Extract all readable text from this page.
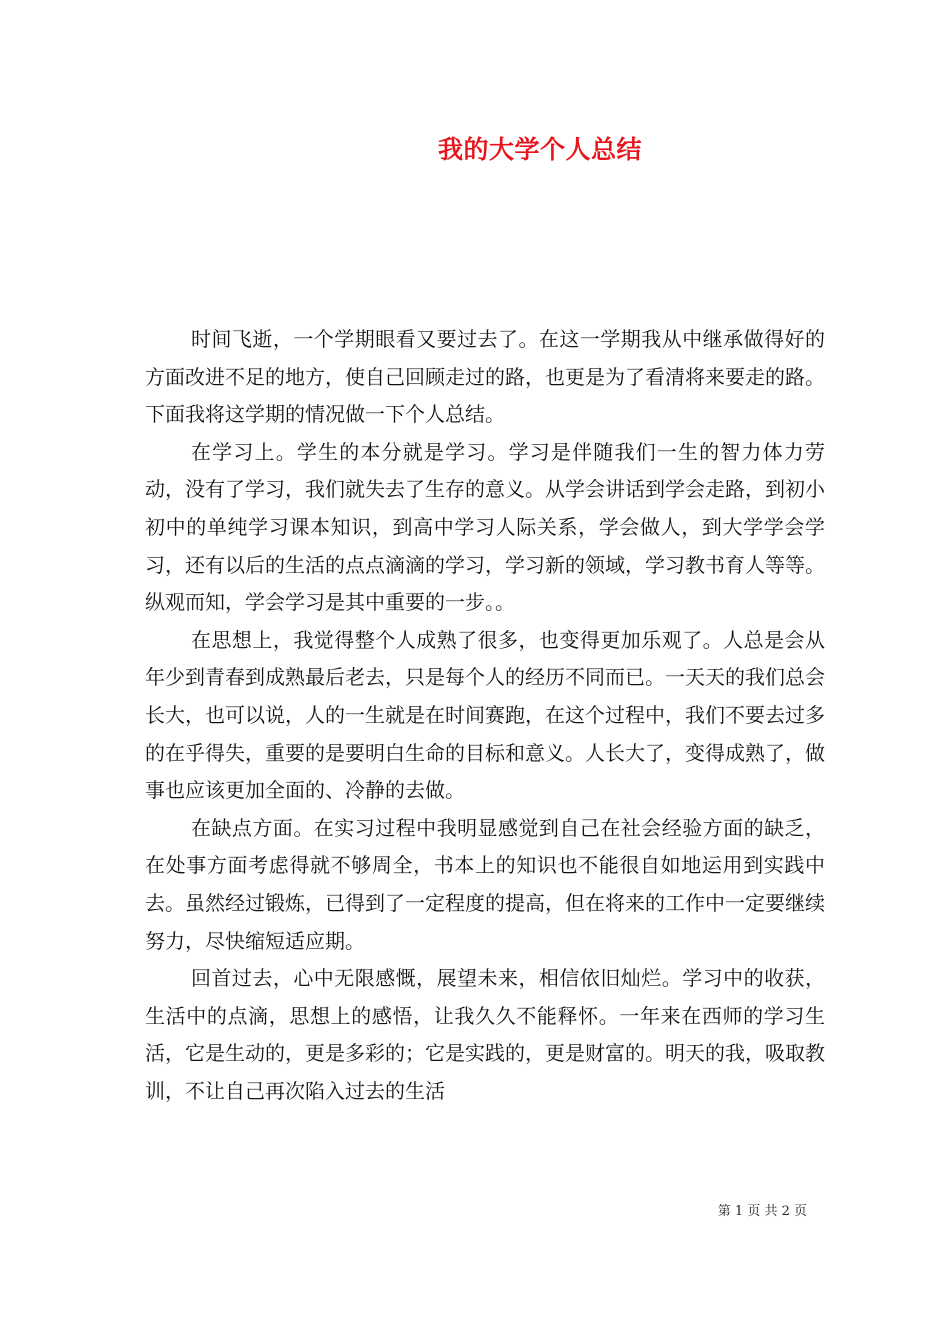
我的大学个人总结

时间飞逝，一个学期眼看又要过去了。在这一学期我从中继承做得好的方面改进不足的地方，使自己回顾走过的路，也更是为了看清将来要走的路。下面我将这学期的情况做一下个人总结。

在学习上。学生的本分就是学习。学习是伴随我们一生的智力体力劳动，没有了学习，我们就失去了生存的意义。从学会讲话到学会走路，到初小初中的单纯学习课本知识，到高中学习人际关系，学会做人，到大学学会学习，还有以后的生活的点点滴滴的学习，学习新的领域，学习教书育人等等。纵观而知，学会学习是其中重要的一步。。

在思想上，我觉得整个人成熟了很多，也变得更加乐观了。人总是会从年少到青春到成熟最后老去，只是每个人的经历不同而已。一天天的我们总会长大，也可以说，人的一生就是在时间赛跑，在这个过程中，我们不要去过多的在乎得失，重要的是要明白生命的目标和意义。人长大了，变得成熟了，做事也应该更加全面的、冷静的去做。

在缺点方面。在实习过程中我明显感觉到自己在社会经验方面的缺乏，在处事方面考虑得就不够周全，书本上的知识也不能很自如地运用到实践中去。虽然经过锻炼，已得到了一定程度的提高，但在将来的工作中一定要继续努力，尽快缩短适应期。

回首过去，心中无限感慨，展望未来，相信依旧灿烂。学习中的收获，生活中的点滴，思想上的感悟，让我久久不能释怀。一年来在西师的学习生活，它是生动的，更是多彩的；它是实践的，更是财富的。明天的我，吸取教训，不让自己再次陷入过去的生活

第 1 页 共 2 页
